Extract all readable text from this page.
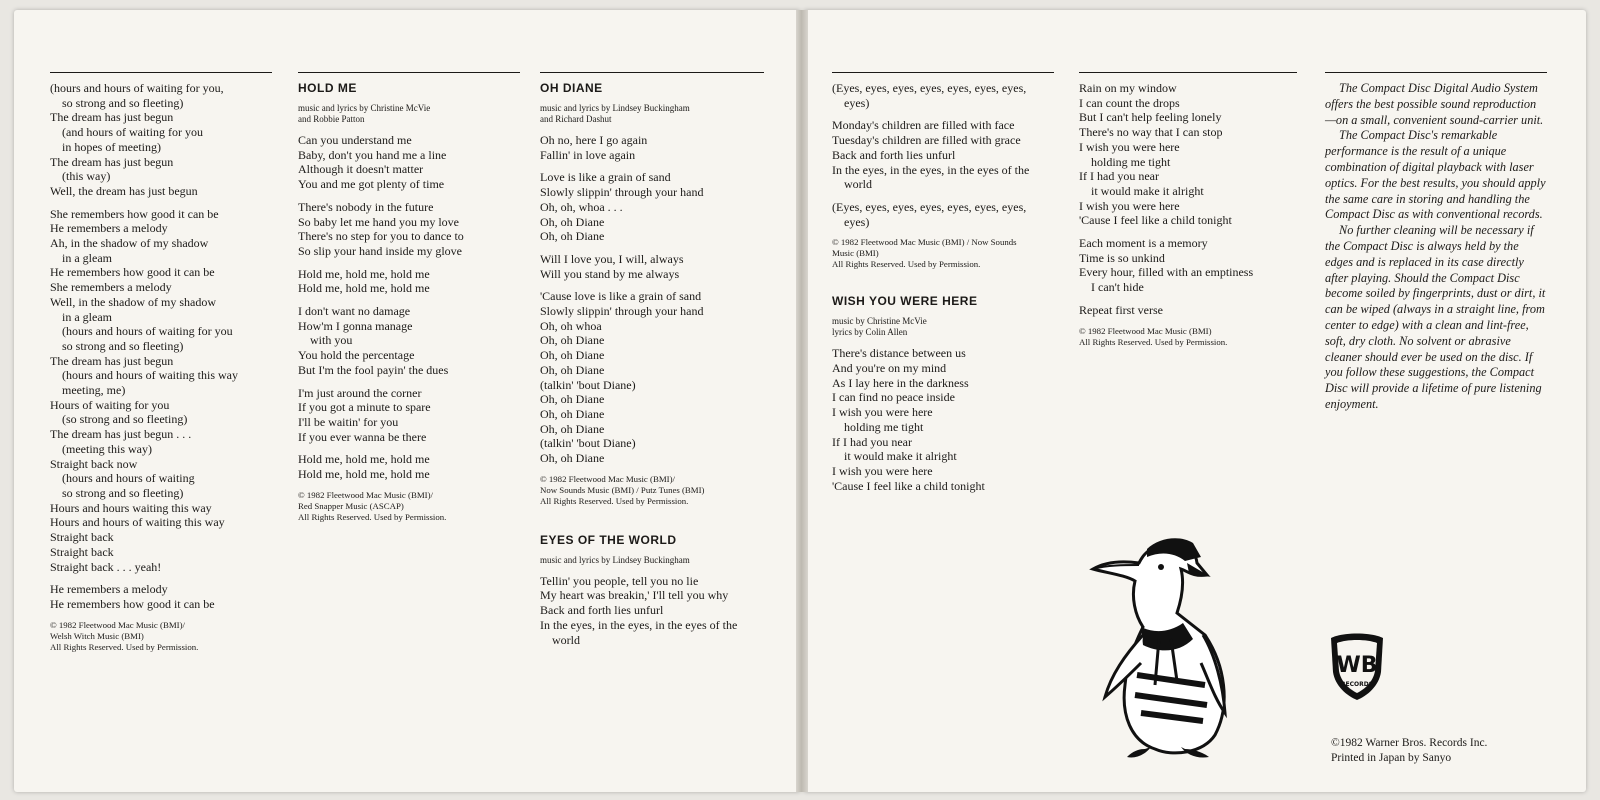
(hours and hours of waiting for you,
so strong and so fleeting)
The dream has just begun
(and hours of waiting for you
in hopes of meeting)
The dream has just begun
(this way)
Well, the dream has just begun
She remembers how good it can be
He remembers a melody
Ah, in the shadow of my shadow
in a gleam
He remembers how good it can be
She remembers a melody
Well, in the shadow of my shadow
in a gleam
(hours and hours of waiting for you
so strong and so fleeting)
The dream has just begun
(hours and hours of waiting this way
meeting, me)
Hours of waiting for you
(so strong and so fleeting)
The dream has just begun . . .
(meeting this way)
Straight back now
(hours and hours of waiting
so strong and so fleeting)
Hours and hours waiting this way
Hours and hours of waiting this way
Straight back
Straight back
Straight back . . . yeah!
He remembers a melody
He remembers how good it can be
© 1982 Fleetwood Mac Music (BMI)/
Welsh Witch Music (BMI)
All Rights Reserved. Used by Permission.
HOLD ME
music and lyrics by Christine McVie
and Robbie Patton
Can you understand me
Baby, don't you hand me a line
Although it doesn't matter
You and me got plenty of time
There's nobody in the future
So baby let me hand you my love
There's no step for you to dance to
So slip your hand inside my glove
Hold me, hold me, hold me
Hold me, hold me, hold me
I don't want no damage
How'm I gonna manage
with you
You hold the percentage
But I'm the fool payin' the dues
I'm just around the corner
If you got a minute to spare
I'll be waitin' for you
If you ever wanna be there
Hold me, hold me, hold me
Hold me, hold me, hold me
© 1982 Fleetwood Mac Music (BMI)/
Red Snapper Music (ASCAP)
All Rights Reserved. Used by Permission.
OH DIANE
music and lyrics by Lindsey Buckingham
and Richard Dashut
Oh no, here I go again
Fallin' in love again
Love is like a grain of sand
Slowly slippin' through your hand
Oh, oh, whoa . . .
Oh, oh Diane
Oh, oh Diane
Will I love you, I will, always
Will you stand by me always
'Cause love is like a grain of sand
Slowly slippin' through your hand
Oh, oh whoa
Oh, oh Diane
Oh, oh Diane
Oh, oh Diane
(talkin' 'bout Diane)
Oh, oh Diane
Oh, oh Diane
Oh, oh Diane
(talkin' 'bout Diane)
Oh, oh Diane
© 1982 Fleetwood Mac Music (BMI)/
Now Sounds Music (BMI) / Putz Tunes (BMI)
All Rights Reserved. Used by Permission.
EYES OF THE WORLD
music and lyrics by Lindsey Buckingham
Tellin' you people, tell you no lie
My heart was breakin,' I'll tell you why
Back and forth lies unfurl
In the eyes, in the eyes, in the eyes of the
world
(Eyes, eyes, eyes, eyes, eyes, eyes, eyes,
eyes)
Monday's children are filled with face
Tuesday's children are filled with grace
Back and forth lies unfurl
In the eyes, in the eyes, in the eyes of the
world
(Eyes, eyes, eyes, eyes, eyes, eyes, eyes,
eyes)
© 1982 Fleetwood Mac Music (BMI) / Now Sounds
Music (BMI)
All Rights Reserved. Used by Permission.
WISH YOU WERE HERE
music by Christine McVie
lyrics by Colin Allen
There's distance between us
And you're on my mind
As I lay here in the darkness
I can find no peace inside
I wish you were here
holding me tight
If I had you near
it would make it alright
I wish you were here
'Cause I feel like a child tonight
Rain on my window
I can count the drops
But I can't help feeling lonely
There's no way that I can stop
I wish you were here
holding me tight
If I had you near
it would make it alright
I wish you were here
'Cause I feel like a child tonight
Each moment is a memory
Time is so unkind
Every hour, filled with an emptiness
I can't hide
Repeat first verse
© 1982 Fleetwood Mac Music (BMI)
All Rights Reserved. Used by Permission.

The Compact Disc Digital Audio System offers the best possible sound reproduction—on a small, convenient sound-carrier unit.

The Compact Disc's remarkable performance is the result of a unique combination of digital playback with laser optics. For the best results, you should apply the same care in storing and handling the Compact Disc as with conventional records.

No further cleaning will be necessary if the Compact Disc is always held by the edges and is replaced in its case directly after playing. Should the Compact Disc become soiled by fingerprints, dust or dirt, it can be wiped (always in a straight line, from center to edge) with a clean and lint-free, soft, dry cloth. No solvent or abrasive cleaner should ever be used on the disc. If you follow these suggestions, the Compact Disc will provide a lifetime of pure listening enjoyment.

WB
RECORDS
©1982 Warner Bros. Records Inc.
Printed in Japan by Sanyo
